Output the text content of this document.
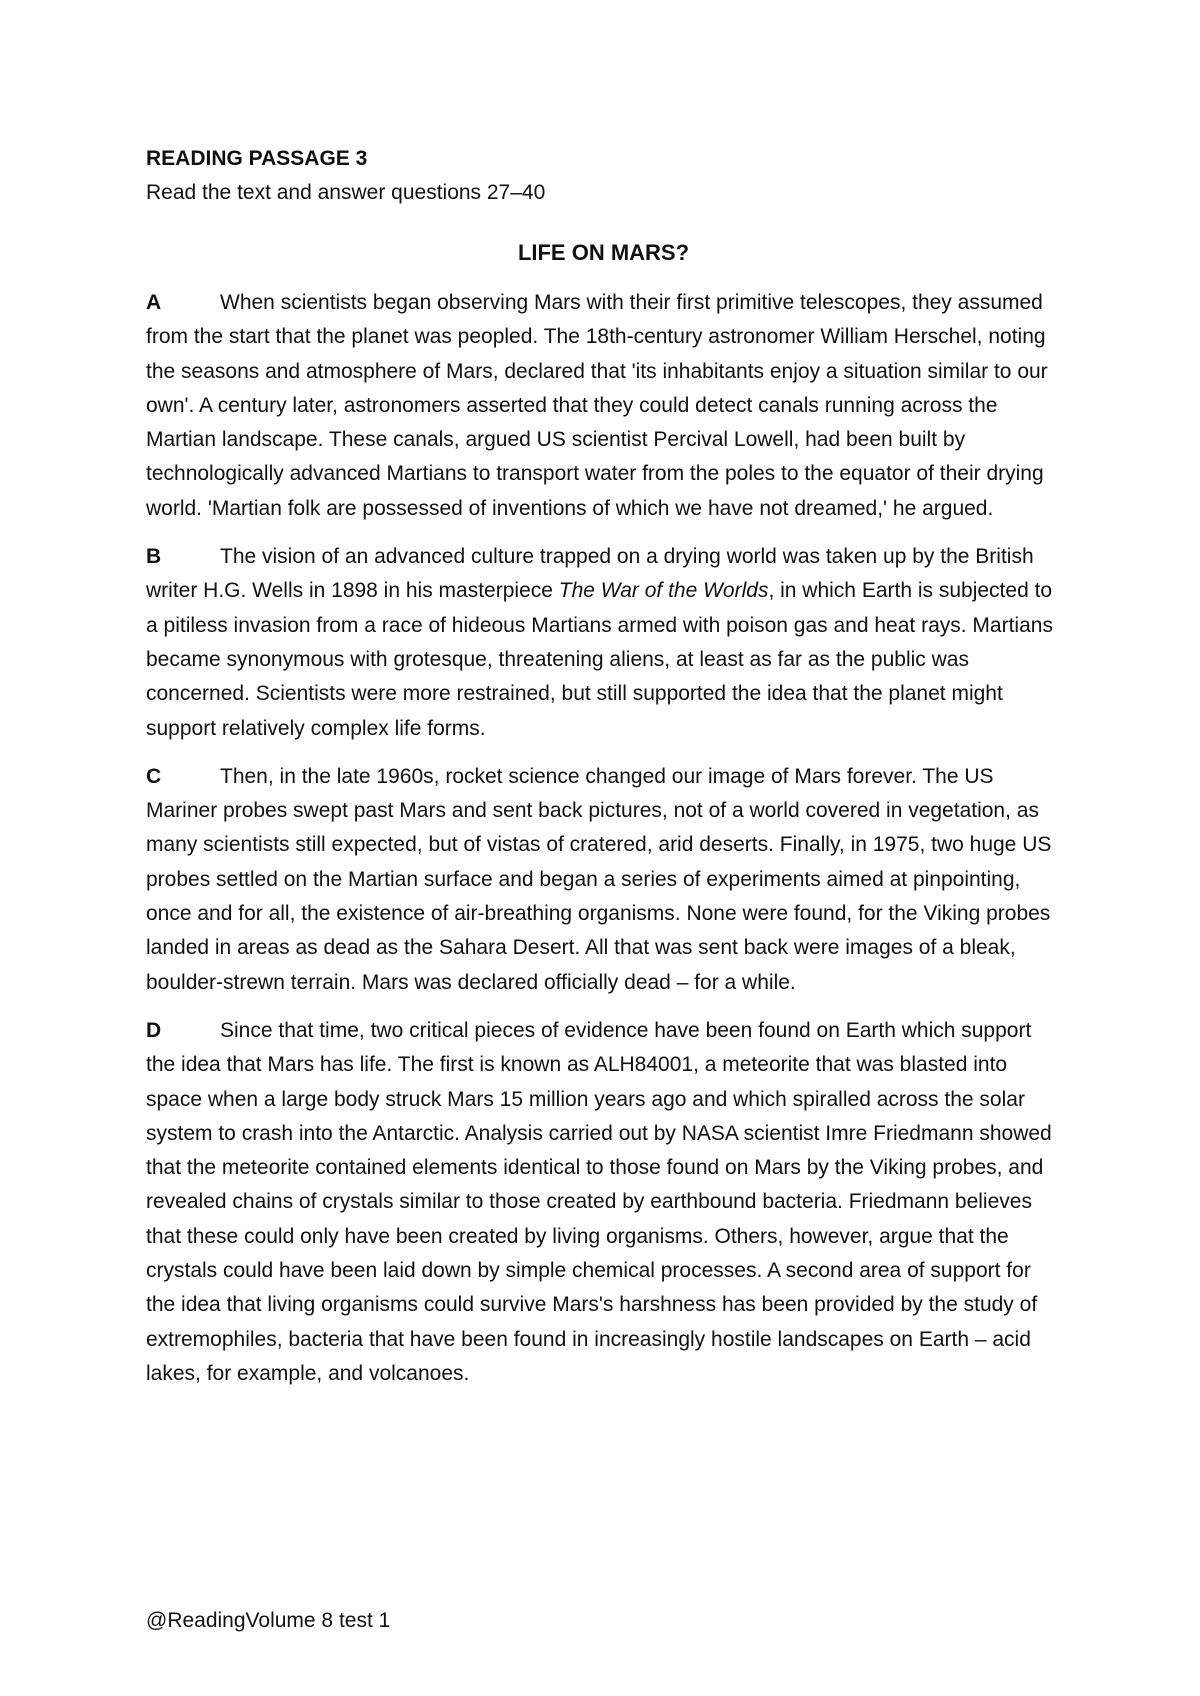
READING PASSAGE 3

Read the text and answer questions 27–40

LIFE ON MARS?

A	When scientists began observing Mars with their first primitive telescopes, they assumed from the start that the planet was peopled. The 18th-century astronomer William Herschel, noting the seasons and atmosphere of Mars, declared that 'its inhabitants enjoy a situation similar to our own'. A century later, astronomers asserted that they could detect canals running across the Martian landscape. These canals, argued US scientist Percival Lowell, had been built by technologically advanced Martians to transport water from the poles to the equator of their drying world. 'Martian folk are possessed of inventions of which we have not dreamed,' he argued.

B	The vision of an advanced culture trapped on a drying world was taken up by the British writer H.G. Wells in 1898 in his masterpiece The War of the Worlds, in which Earth is subjected to a pitiless invasion from a race of hideous Martians armed with poison gas and heat rays. Martians became synonymous with grotesque, threatening aliens, at least as far as the public was concerned. Scientists were more restrained, but still supported the idea that the planet might support relatively complex life forms.

C	Then, in the late 1960s, rocket science changed our image of Mars forever. The US Mariner probes swept past Mars and sent back pictures, not of a world covered in vegetation, as many scientists still expected, but of vistas of cratered, arid deserts. Finally, in 1975, two huge US probes settled on the Martian surface and began a series of experiments aimed at pinpointing, once and for all, the existence of air-breathing organisms. None were found, for the Viking probes landed in areas as dead as the Sahara Desert. All that was sent back were images of a bleak, boulder-strewn terrain. Mars was declared officially dead – for a while.

D	Since that time, two critical pieces of evidence have been found on Earth which support the idea that Mars has life. The first is known as ALH84001, a meteorite that was blasted into space when a large body struck Mars 15 million years ago and which spiralled across the solar system to crash into the Antarctic. Analysis carried out by NASA scientist Imre Friedmann showed that the meteorite contained elements identical to those found on Mars by the Viking probes, and revealed chains of crystals similar to those created by earthbound bacteria. Friedmann believes that these could only have been created by living organisms. Others, however, argue that the crystals could have been laid down by simple chemical processes. A second area of support for the idea that living organisms could survive Mars's harshness has been provided by the study of extremophiles, bacteria that have been found in increasingly hostile landscapes on Earth – acid lakes, for example, and volcanoes.

@ReadingVolume 8 test 1
